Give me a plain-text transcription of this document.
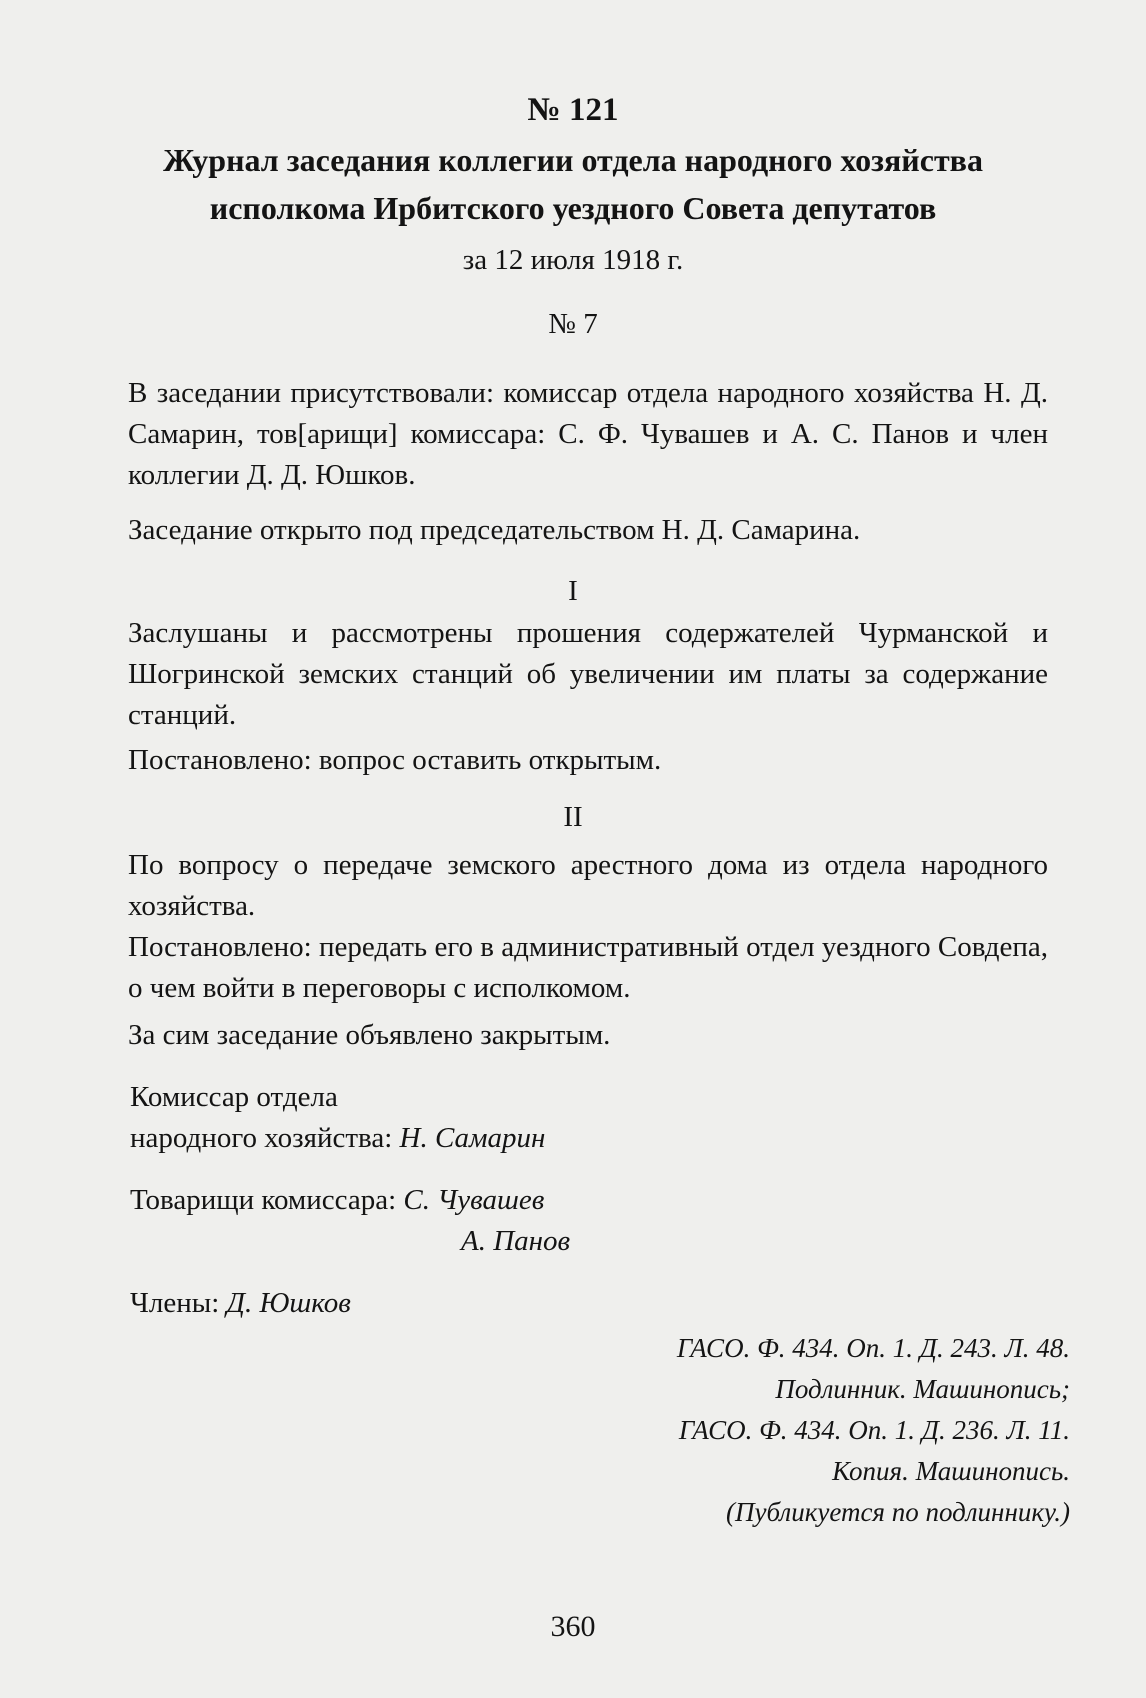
№ 121
Журнал заседания коллегии отдела народного хозяйства
исполкома Ирбитского уездного Совета депутатов
за 12 июля 1918 г.
№ 7

В заседании присутствовали: комиссар отдела народного хозяйства Н. Д. Самарин, тов[арищи] комиссара: С. Ф. Чувашев и А. С. Панов и член коллегии Д. Д. Юшков.

Заседание открыто под председательством Н. Д. Самарина.

I

Заслушаны и рассмотрены прошения содержателей Чурманской и Шогринской земских станций об увеличении им платы за содержание станций.

Постановлено: вопрос оставить открытым.

II

По вопросу о передаче земского арестного дома из отдела народного хозяйства.

Постановлено: передать его в административный отдел уездного Совдепа, о чем войти в переговоры с исполкомом.

За сим заседание объявлено закрытым.

Комиссар отдела
народного хозяйства: Н. Самарин
Товарищи комиссара: С. Чувашев
А. Панов
Члены: Д. Юшков
ГАСО. Ф. 434. Оп. 1. Д. 243. Л. 48.
Подлинник. Машинопись;
ГАСО. Ф. 434. Оп. 1. Д. 236. Л. 11.
Копия. Машинопись.
(Публикуется по подлиннику.)
360
